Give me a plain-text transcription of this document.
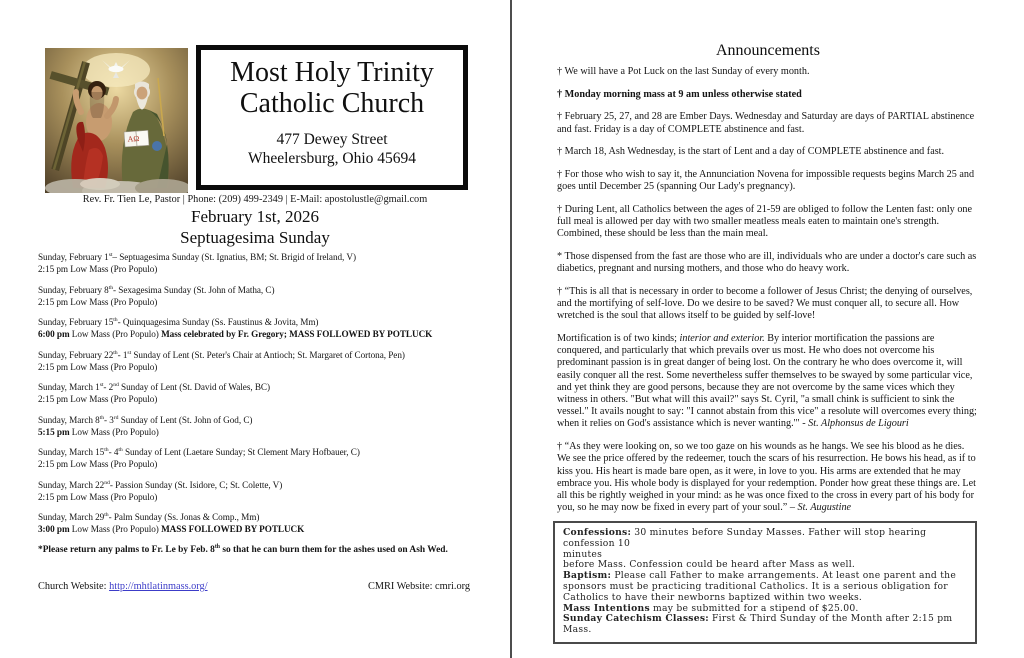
AΩ
Most Holy Trinity
Catholic Church
477 Dewey Street
Wheelersburg, Ohio 45694
Rev. Fr. Tien Le, Pastor | Phone: (209) 499-2349 | E-Mail: apostolustle@gmail.com
February 1st, 2026
Septuagesima Sunday
Sunday, February 1st– Septuagesima Sunday (St. Ignatius, BM; St. Brigid of Ireland, V)
2:15 pm Low Mass (Pro Populo)
Sunday, February 8th- Sexagesima Sunday (St. John of Matha, C)
2:15 pm Low Mass (Pro Populo)
Sunday, February 15th- Quinquagesima Sunday (Ss. Faustinus & Jovita, Mm)
6:00 pm Low Mass (Pro Populo) Mass celebrated by Fr. Gregory; MASS FOLLOWED BY POTLUCK
Sunday, February 22th- 1st Sunday of Lent (St. Peter's Chair at Antioch; St. Margaret of Cortona, Pen)
2:15 pm Low Mass (Pro Populo)
Sunday, March 1st- 2nd Sunday of Lent (St. David of Wales, BC)
2:15 pm Low Mass (Pro Populo)
Sunday, March 8th- 3rd Sunday of Lent (St. John of God, C)
5:15 pm Low Mass (Pro Populo)
Sunday, March 15th- 4th Sunday of Lent (Laetare Sunday; St Clement Mary Hofbauer, C)
2:15 pm Low Mass (Pro Populo)
Sunday, March 22nd- Passion Sunday (St. Isidore, C; St. Colette, V)
2:15 pm Low Mass (Pro Populo)
Sunday, March 29th- Palm Sunday (Ss. Jonas & Comp., Mm)
3:00 pm Low Mass (Pro Populo) MASS FOLLOWED BY POTLUCK
*Please return any palms to Fr. Le by Feb. 8th so that he can burn them for the ashes used on Ash Wed.
Church Website: http://mhtlatinmass.org/	CMRI Website: cmri.org
Announcements
† We will have a Pot Luck on the last Sunday of every month.
† Monday morning mass at 9 am unless otherwise stated
† February 25, 27, and 28 are Ember Days. Wednesday and Saturday are days of PARTIAL abstinence and fast. Friday is a day of COMPLETE abstinence and fast.
† March 18, Ash Wednesday, is the start of Lent and a day of COMPLETE abstinence and fast.
† For those who wish to say it, the Annunciation Novena for impossible requests begins March 25 and goes until December 25 (spanning Our Lady's pregnancy).
† During Lent, all Catholics between the ages of 21-59 are obliged to follow the Lenten fast: only one full meal is allowed per day with two smaller meatless meals eaten to maintain one's strength. Combined, these should be less than the main meal.
* Those dispensed from the fast are those who are ill, individuals who are under a doctor's care such as diabetics, pregnant and nursing mothers, and those who do heavy work.
† “This is all that is necessary in order to become a follower of Jesus Christ; the denying of ourselves, and the mortifying of self-love. Do we desire to be saved? We must conquer all, to secure all. How wretched is the soul that allows itself to be guided by self-love!
Mortification is of two kinds; interior and exterior. By interior mortification the passions are conquered, and particularly that which prevails over us most. He who does not overcome his predominant passion is in great danger of being lost. On the contrary he who does overcome it, will easily conquer all the rest. Some nevertheless suffer themselves to be swayed by some particular vice, and yet think they are good persons, because they are not overcome by the same vices which they witness in others. "But what will this avail?" says St. Cyril, "a small chink is sufficient to sink the vessel." It avails nought to say: "I cannot abstain from this vice" a resolute will overcomes every thing; when it relies on God's assistance which is never wanting.'" - St. Alphonsus de Ligouri
† “As they were looking on, so we too gaze on his wounds as he hangs. We see his blood as he dies. We see the price offered by the redeemer, touch the scars of his resurrection. He bows his head, as if to kiss you. His heart is made bare open, as it were, in love to you. His arms are extended that he may embrace you. His whole body is displayed for your redemption. Ponder how great these things are. Let all this be rightly weighed in your mind: as he was once fixed to the cross in every part of his body for you, so he may now be fixed in every part of your soul.” – St. Augustine
Confessions: 30 minutes before Sunday Masses. Father will stop hearing confession 10
minutes
before Mass. Confession could be heard after Mass as well.
Baptism: Please call Father to make arrangements. At least one parent and the sponsors must be practicing traditional Catholics. It is a serious obligation for Catholics to have their newborns baptized within two weeks.
Mass Intentions may be submitted for a stipend of $25.00.
Sunday Catechism Classes: First & Third Sunday of the Month after 2:15 pm Mass.
